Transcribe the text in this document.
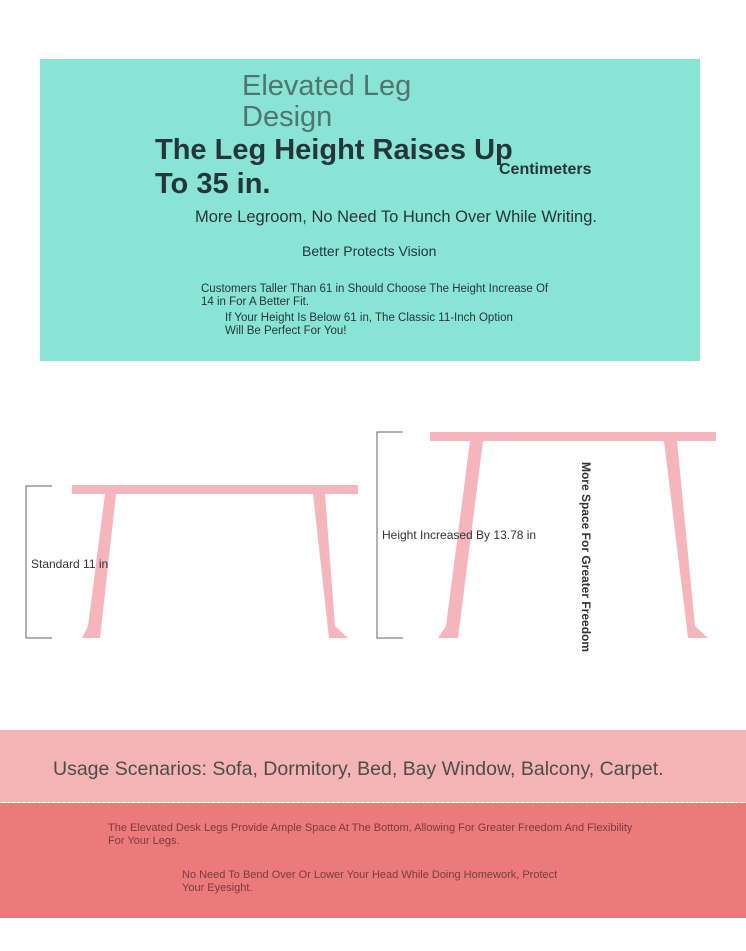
Elevated Leg Design
The Leg Height Raises Up To 35 in.	Centimeters
More Legroom, No Need To Hunch Over While Writing.
Better Protects Vision
Customers Taller Than 61 in Should Choose The Height Increase Of 14 in For A Better Fit.
If Your Height Is Below 61 in, The Classic 11-Inch Option Will Be Perfect For You!
Standard 11 in
Height Increased By 13.78 in	More Space For Greater Freedom
Usage Scenarios: Sofa, Dormitory, Bed, Bay Window, Balcony, Carpet.
The Elevated Desk Legs Provide Ample Space At The Bottom, Allowing For Greater Freedom And Flexibility For Your Legs.
No Need To Bend Over Or Lower Your Head While Doing Homework, Protect Your Eyesight.
